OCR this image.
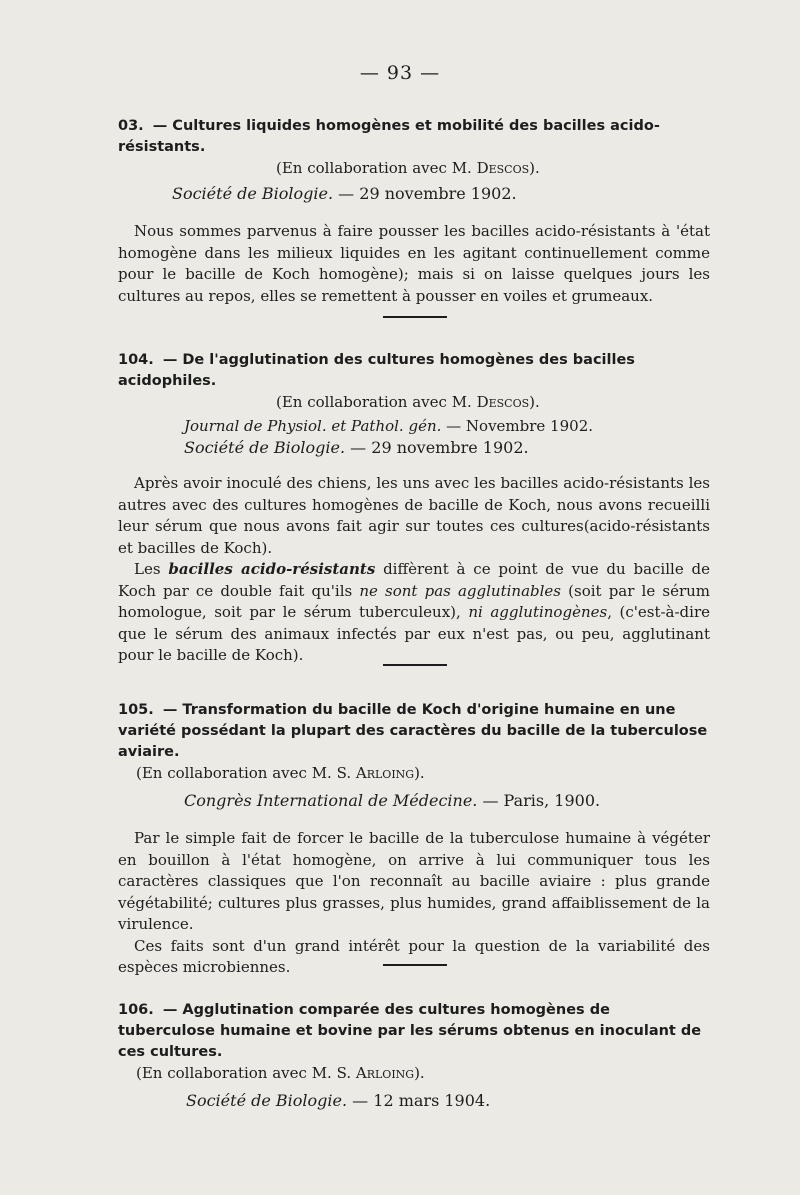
— 93 —
03. — Cultures liquides homogènes et mobilité des bacilles acido-résistants.
(En collaboration avec M. Descos).
Société de Biologie. — 29 novembre 1902.

Nous sommes parvenus à faire pousser les bacilles acido-résistants à 'état homogène dans les milieux liquides en les agitant continuellement comme pour le bacille de Koch homogène); mais si on laisse quelques jours les cultures au repos, elles se remettent à pousser en voiles et grumeaux.

104. — De l'agglutination des cultures homogènes des bacilles acidophiles.
(En collaboration avec M. Descos).
Journal de Physiol. et Pathol. gén. — Novembre 1902.
Société de Biologie. — 29 novembre 1902.

Après avoir inoculé des chiens, les uns avec les bacilles acido-résistants les autres avec des cultures homogènes de bacille de Koch, nous avons recueilli leur sérum que nous avons fait agir sur toutes ces cultures(acido-résistants et bacilles de Koch).

Les bacilles acido-résistants diffèrent à ce point de vue du bacille de Koch par ce double fait qu'ils ne sont pas agglutinables (soit par le sérum homologue, soit par le sérum tuberculeux), ni agglutinogènes, (c'est-à-dire que le sérum des animaux infectés par eux n'est pas, ou peu, agglutinant pour le bacille de Koch).

105. — Transformation du bacille de Koch d'origine humaine en une variété possédant la plupart des caractères du bacille de la tuberculose aviaire.
(En collaboration avec M. S. Arloing).
Congrès International de Médecine. — Paris, 1900.

Par le simple fait de forcer le bacille de la tuberculose humaine à végéter en bouillon à l'état homogène, on arrive à lui communiquer tous les caractères classiques que l'on reconnaît au bacille aviaire : plus grande végétabilité; cultures plus grasses, plus humides, grand affaiblissement de la virulence.

Ces faits sont d'un grand intérêt pour la question de la variabilité des espèces microbiennes.

106. — Agglutination comparée des cultures homogènes de tuberculose humaine et bovine par les sérums obtenus en inoculant de ces cultures.
(En collaboration avec M. S. Arloing).
Société de Biologie. — 12 mars 1904.
